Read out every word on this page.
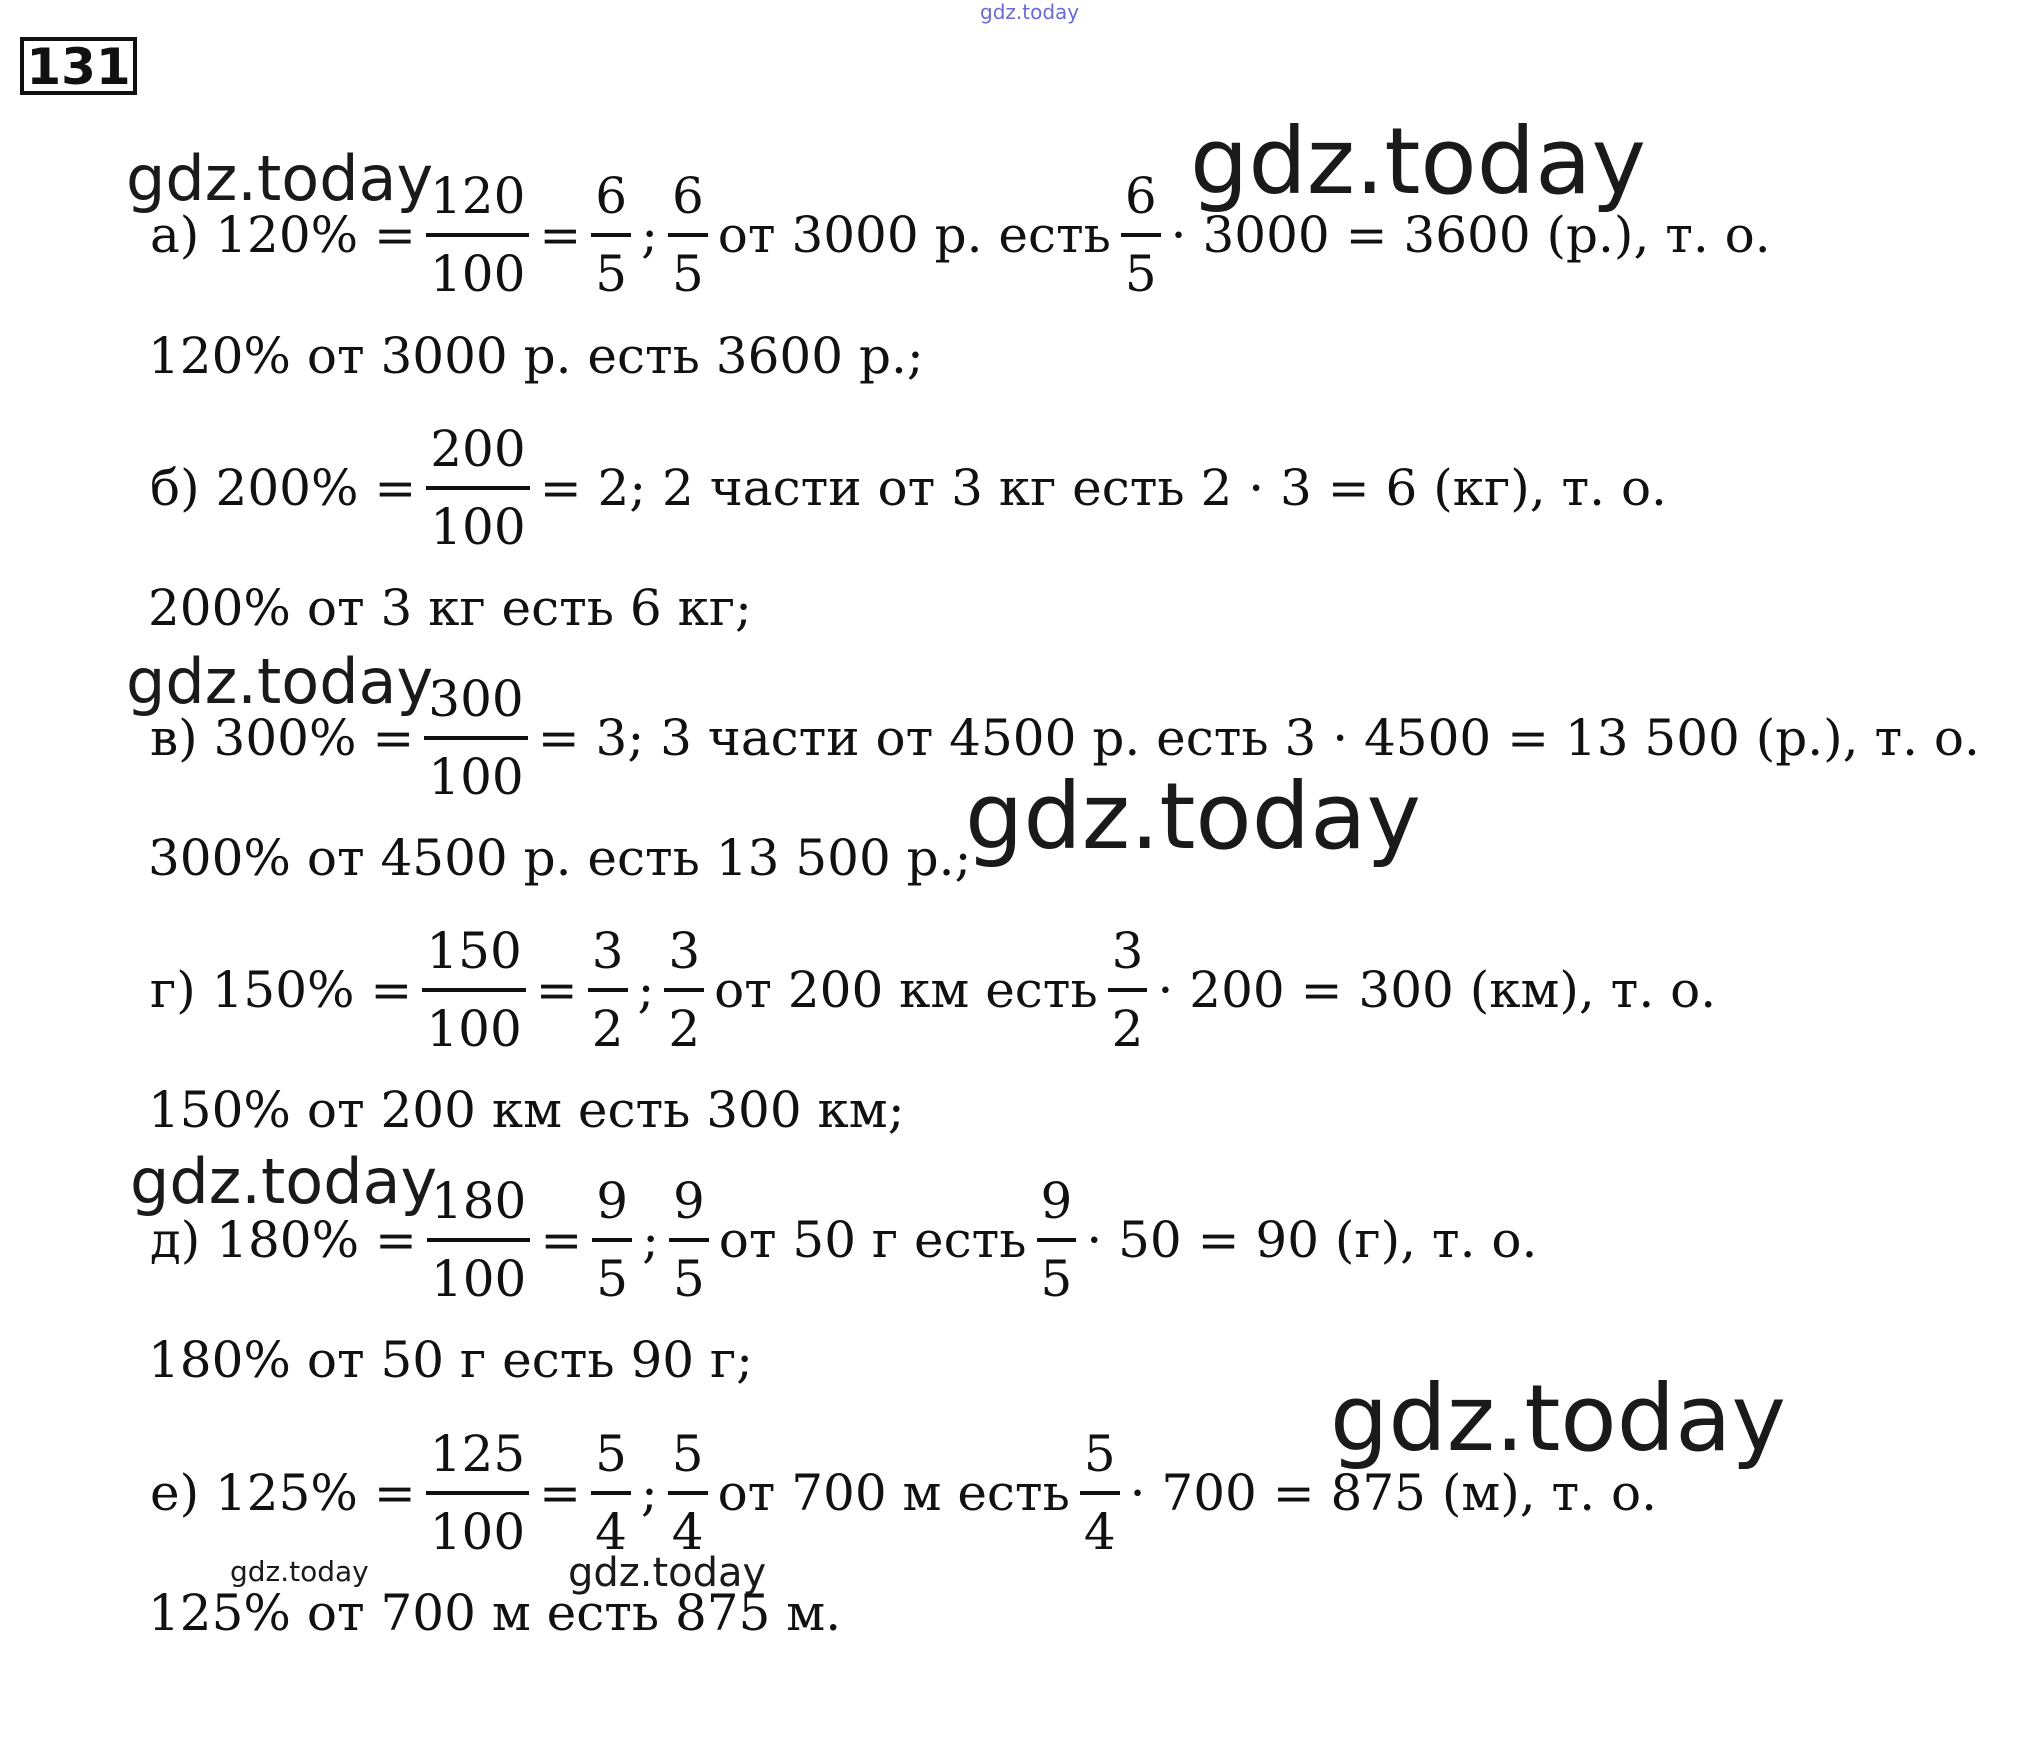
gdz.today
131
gdz.today	gdz.today
gdz.today
gdz.today
gdz.today
gdz.today
gdz.today	gdz.today
а) $120\% = \frac{120}{100} = \frac{6}{5}$ ; $\frac{6}{5}$ от 3000 р. есть $\frac{6}{5} \cdot 3000 = 3600$ (р.), т. о.
120% от 3000 р. есть 3600 р.;
б) $200\% = \frac{200}{100} = 2$; 2 части от 3 кг есть 2 · 3 = 6 (кг), т. о.
200% от 3 кг есть 6 кг;
в) $300\% = \frac{300}{100} = 3$; 3 части от 4500 р. есть 3 · 4500 = 13 500 (р.), т. о.
300% от 4500 р. есть 13 500 р.;
г) $150\% = \frac{150}{100} = \frac{3}{2}$ ; $\frac{3}{2}$ от 200 км есть $\frac{3}{2} \cdot 200 = 300$ (км), т. о.
150% от 200 км есть 300 км;
д) $180\% = \frac{180}{100} = \frac{9}{5}$ ; $\frac{9}{5}$ от 50 г есть $\frac{9}{5} \cdot 50 = 90$ (г), т. о.
180% от 50 г есть 90 г;
е) $125\% = \frac{125}{100} = \frac{5}{4}$ ; $\frac{5}{4}$ от 700 м есть $\frac{5}{4} \cdot 700 = 875$ (м), т. о.
125% от 700 м есть 875 м.
